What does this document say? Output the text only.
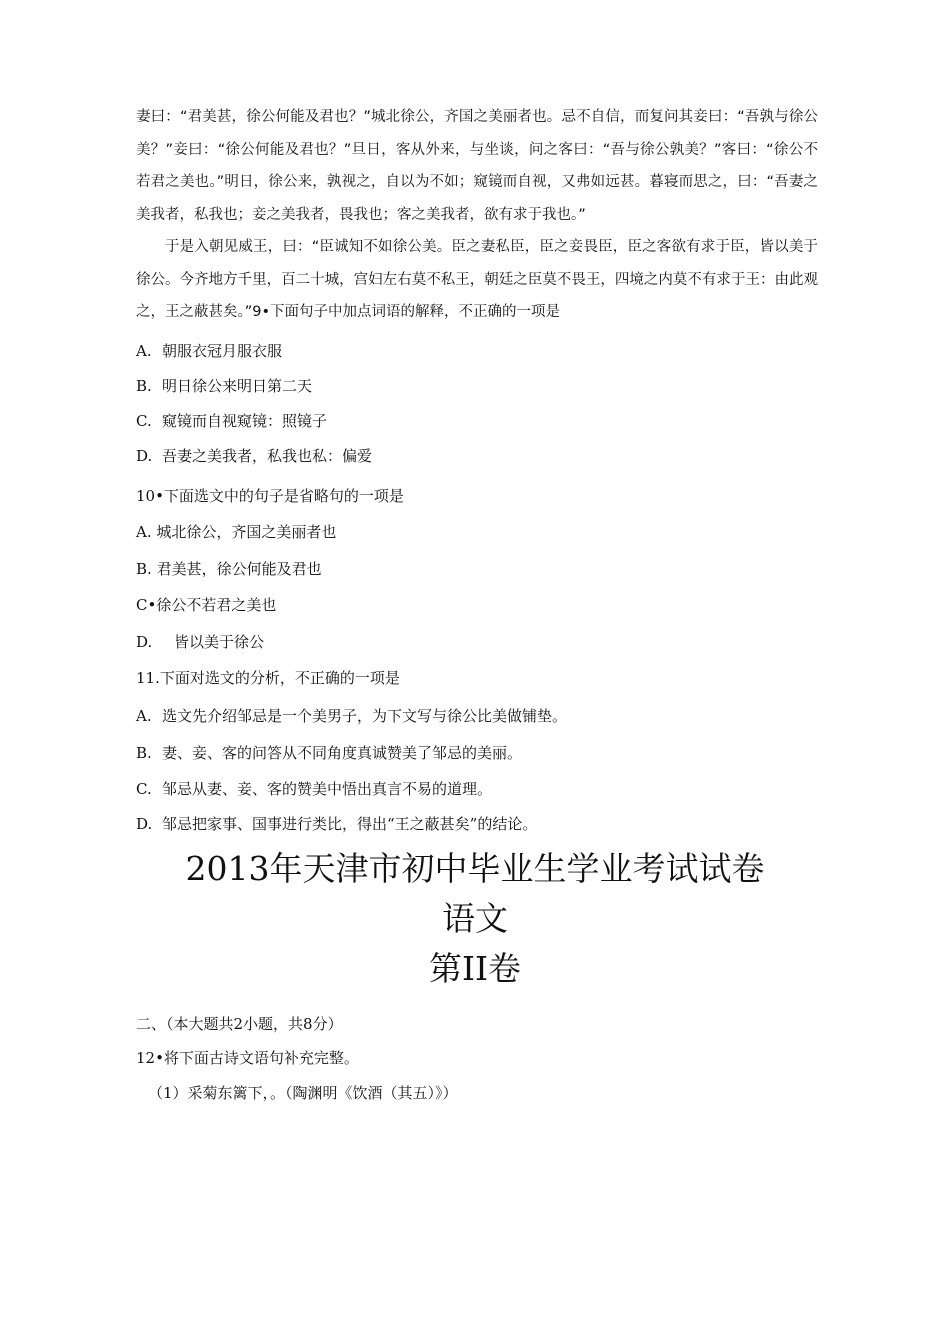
妻曰：“君美甚，徐公何能及君也？”城北徐公，齐国之美丽者也。忌不自信，而复问其妾曰：“吾孰与徐公美？”妾曰：“徐公何能及君也？”旦日，客从外来，与坐谈，问之客曰：“吾与徐公孰美？”客曰：“徐公不若君之美也。”明日，徐公来，孰视之，自以为不如；窥镜而自视，又弗如远甚。暮寝而思之，曰：“吾妻之美我者，私我也；妾之美我者，畏我也；客之美我者，欲有求于我也。”

于是入朝见威王，曰：“臣诚知不如徐公美。臣之妻私臣，臣之妾畏臣，臣之客欲有求于臣，皆以美于徐公。今齐地方千里，百二十城，宫妇左右莫不私王，朝廷之臣莫不畏王，四境之内莫不有求于王：由此观之，王之蔽甚矣。”9•下面句子中加点词语的解释，不正确的一项是

A. 朝服衣冠月服衣服
B. 明日徐公来明日第二天
C. 窥镜而自视窥镜：照镜子
D. 吾妻之美我者，私我也私：偏爱
10•下面选文中的句子是省略句的一项是
A. 城北徐公，齐国之美丽者也
B. 君美甚，徐公何能及君也
C•徐公不若君之美也
D. 皆以美于徐公
11.下面对选文的分析，不正确的一项是
A. 选文先介绍邹忌是一个美男子，为下文写与徐公比美做铺垫。
B. 妻、妾、客的问答从不同角度真诚赞美了邹忌的美丽。
C. 邹忌从妻、妾、客的赞美中悟出真言不易的道理。
D. 邹忌把家事、国事进行类比，得出“王之蔽甚矣”的结论。
2013年天津市初中毕业生学业考试试卷
语文
第II卷
二、（本大题共2小题，共8分）
12•将下面古诗文语句补充完整。
（1）采菊东篱下，。（陶渊明《饮酒（其五）》）
